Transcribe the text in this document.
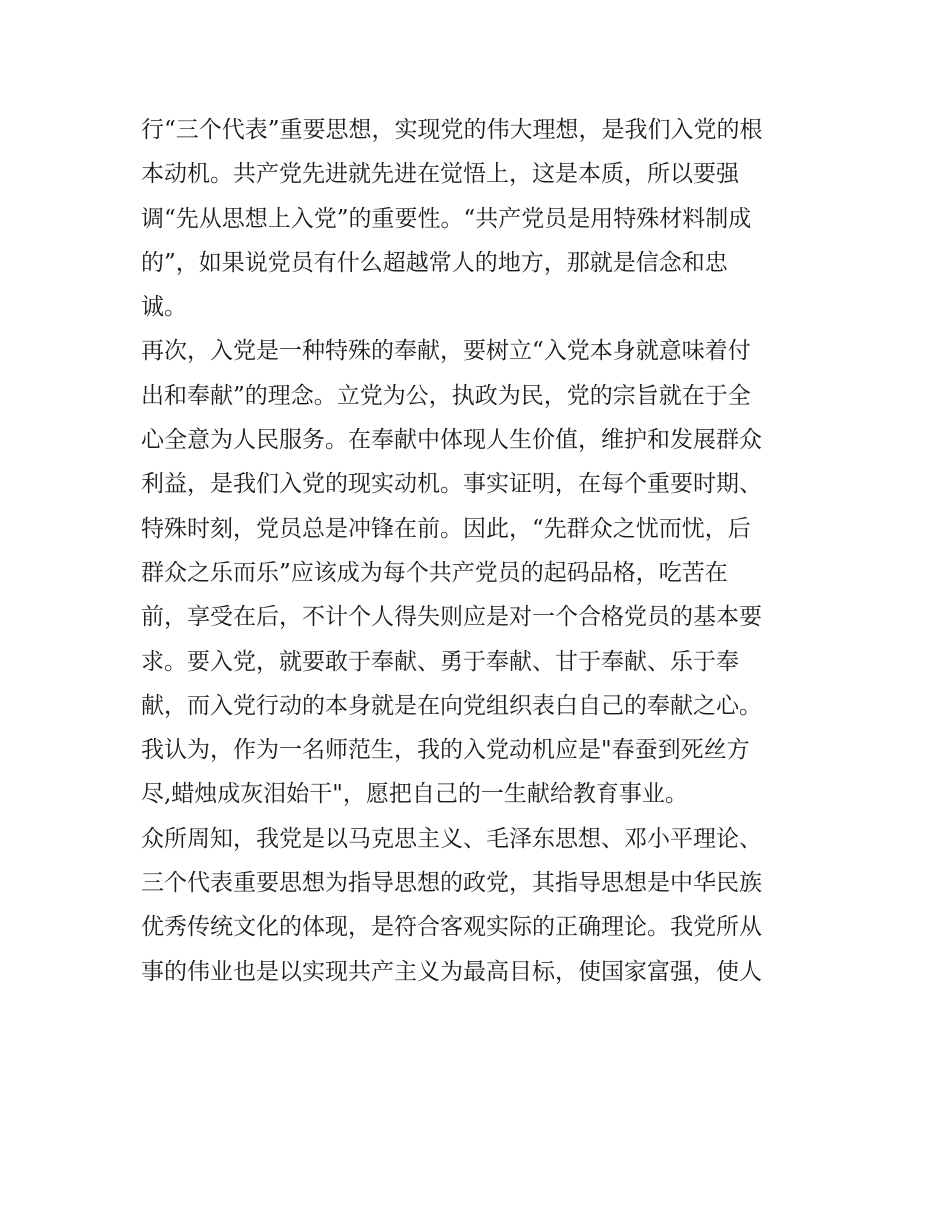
行“三个代表”重要思想，实现党的伟大理想，是我们入党的根
本动机。共产党先进就先进在觉悟上，这是本质，所以要强
调“先从思想上入党”的重要性。“共产党员是用特殊材料制成
的”，如果说党员有什么超越常人的地方，那就是信念和忠
诚。
再次，入党是一种特殊的奉献，要树立“入党本身就意味着付
出和奉献”的理念。立党为公，执政为民，党的宗旨就在于全
心全意为人民服务。在奉献中体现人生价值，维护和发展群众
利益，是我们入党的现实动机。事实证明，在每个重要时期、
特殊时刻，党员总是冲锋在前。因此，“先群众之忧而忧，后
群众之乐而乐”应该成为每个共产党员的起码品格，吃苦在
前，享受在后，不计个人得失则应是对一个合格党员的基本要
求。要入党，就要敢于奉献、勇于奉献、甘于奉献、乐于奉
献，而入党行动的本身就是在向党组织表白自己的奉献之心。
我认为，作为一名师范生，我的入党动机应是"春蚕到死丝方
尽,蜡烛成灰泪始干"，愿把自己的一生献给教育事业。
众所周知，我党是以马克思主义、毛泽东思想、邓小平理论、
三个代表重要思想为指导思想的政党，其指导思想是中华民族
优秀传统文化的体现，是符合客观实际的正确理论。我党所从
事的伟业也是以实现共产主义为最高目标，使国家富强，使人
